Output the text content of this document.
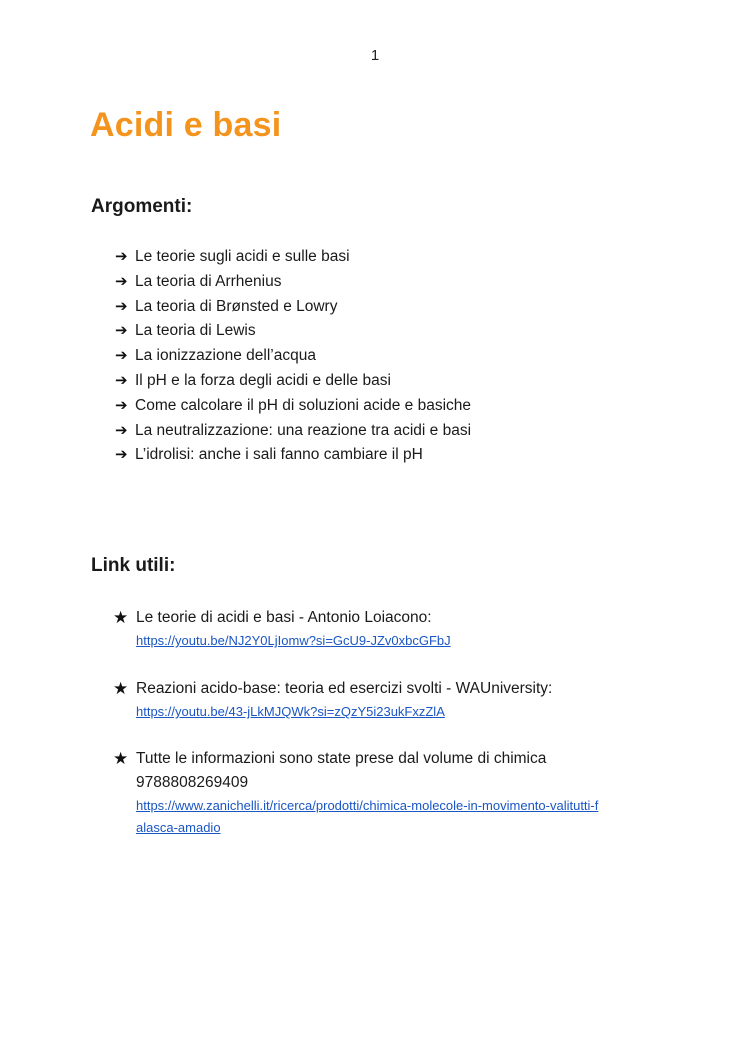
1
Acidi e basi
Argomenti:
➔ Le teorie sugli acidi e sulle basi
➔ La teoria di Arrhenius
➔ La teoria di Brønsted e Lowry
➔ La teoria di Lewis
➔ La ionizzazione dell’acqua
➔ Il pH e la forza degli acidi e delle basi
➔ Come calcolare il pH di soluzioni acide e basiche
➔ La neutralizzazione: una reazione tra acidi e basi
➔ L’idrolisi: anche i sali fanno cambiare il pH
Link utili:
★ Le teorie di acidi e basi - Antonio Loiacono:
https://youtu.be/NJ2Y0LjIomw?si=GcU9-JZv0xbcGFbJ
★ Reazioni acido-base: teoria ed esercizi svolti - WAUniversity:
https://youtu.be/43-jLkMJQWk?si=zQzY5i23ukFxzZlA
★ Tutte le informazioni sono state prese dal volume di chimica
9788808269409
https://www.zanichelli.it/ricerca/prodotti/chimica-molecole-in-movimento-valitutti-f
alasca-amadio
